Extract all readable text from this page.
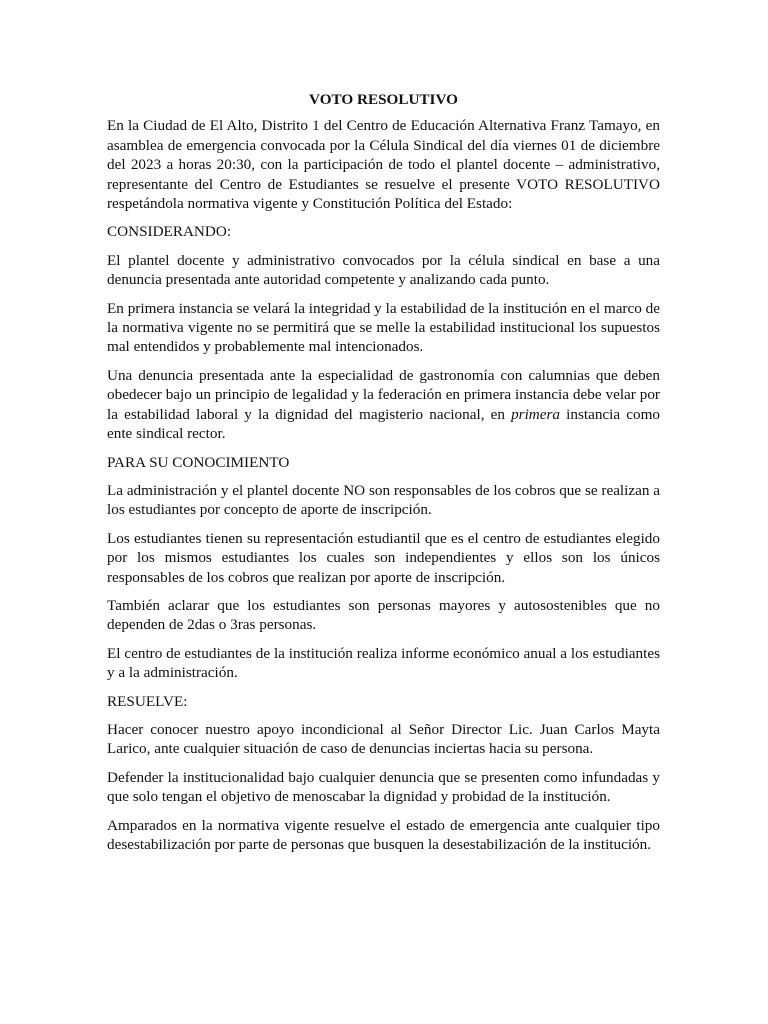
VOTO RESOLUTIVO

En la Ciudad de El Alto, Distrito 1 del Centro de Educación Alternativa Franz Tamayo, en asamblea de emergencia convocada por la Célula Sindical del día viernes 01 de diciembre del 2023 a horas 20:30, con la participación de todo el plantel docente – administrativo, representante del Centro de Estudiantes se resuelve el presente VOTO RESOLUTIVO respetándola normativa vigente y Constitución Política del Estado:

CONSIDERANDO:

El plantel docente y administrativo convocados por la célula sindical en base a una denuncia presentada ante autoridad competente y analizando cada punto.

En primera instancia se velará la integridad y la estabilidad de la institución en el marco de la normativa vigente no se permitirá que se melle la estabilidad institucional los supuestos mal entendidos y probablemente mal intencionados.

Una denuncia presentada ante la especialidad de gastronomía con calumnias que deben obedecer bajo un principio de legalidad y la federación en primera instancia debe velar por la estabilidad laboral y la dignidad del magisterio nacional, en primera instancia como ente sindical rector.

PARA SU CONOCIMIENTO

La administración y el plantel docente NO son responsables de los cobros que se realizan a los estudiantes por concepto de aporte de inscripción.

Los estudiantes tienen su representación estudiantil que es el centro de estudiantes elegido por los mismos estudiantes los cuales son independientes y ellos son los únicos responsables de los cobros que realizan por aporte de inscripción.

También aclarar que los estudiantes son personas mayores y autosostenibles que no dependen de 2das o 3ras personas.

El centro de estudiantes de la institución realiza informe económico anual a los estudiantes y a la administración.

RESUELVE:

Hacer conocer nuestro apoyo incondicional al Señor Director Lic. Juan Carlos Mayta Larico, ante cualquier situación de caso de denuncias inciertas hacia su persona.

Defender la institucionalidad bajo cualquier denuncia que se presenten como infundadas y que solo tengan el objetivo de menoscabar la dignidad y probidad de la institución.

Amparados en la normativa vigente resuelve el estado de emergencia ante cualquier tipo desestabilización por parte de personas que busquen la desestabilización de la institución.
